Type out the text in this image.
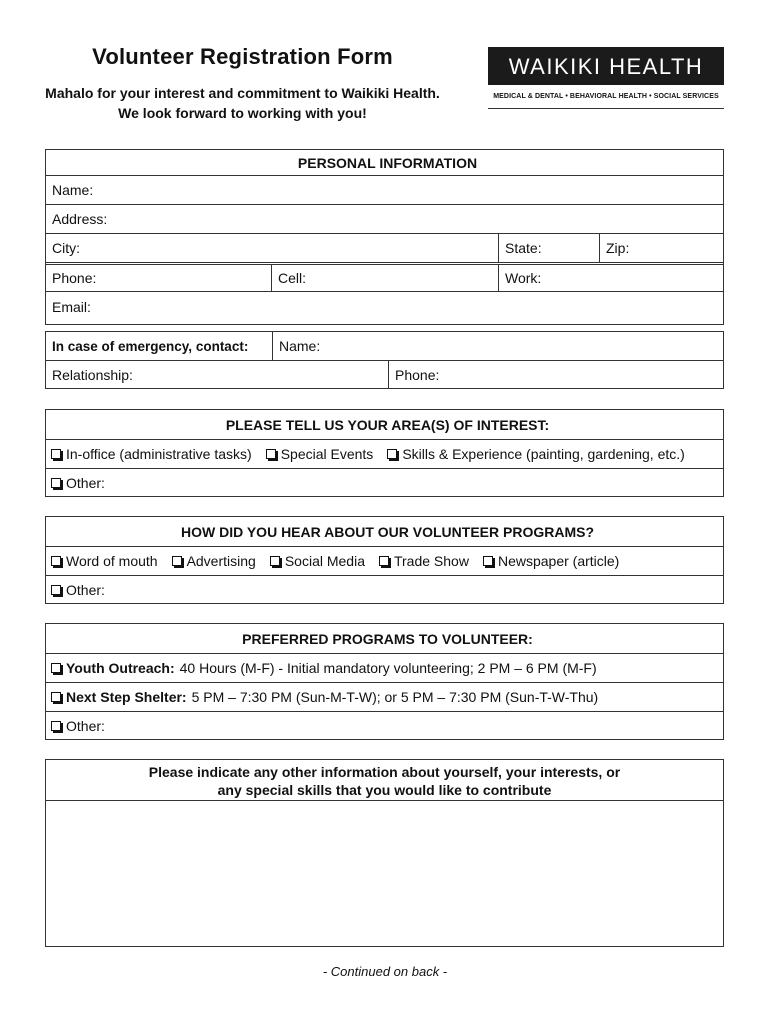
Volunteer Registration Form
Mahalo for your interest and commitment to Waikiki Health.
We look forward to working with you!
WAIKIKI HEALTH
MEDICAL & DENTAL • BEHAVIORAL HEALTH • SOCIAL SERVICES
PERSONAL INFORMATION
Name:
Address:
City:	State:	Zip:
Phone:	Cell:	Work:
Email:
In case of emergency, contact:	Name:
Relationship:	Phone:
PLEASE TELL US YOUR AREA(S) OF INTEREST:
In-office (administrative tasks) Special Events Skills & Experience (painting, gardening, etc.)
Other:
HOW DID YOU HEAR ABOUT OUR VOLUNTEER PROGRAMS?
Word of mouth Advertising Social Media Trade Show Newspaper (article)
Other:
PREFERRED PROGRAMS TO VOLUNTEER:
Youth Outreach: 40 Hours (M-F) - Initial mandatory volunteering; 2 PM – 6 PM (M-F)
Next Step Shelter: 5 PM – 7:30 PM (Sun-M-T-W); or 5 PM – 7:30 PM (Sun-T-W-Thu)
Other:
Please indicate any other information about yourself, your interests, or
any special skills that you would like to contribute
- Continued on back -
